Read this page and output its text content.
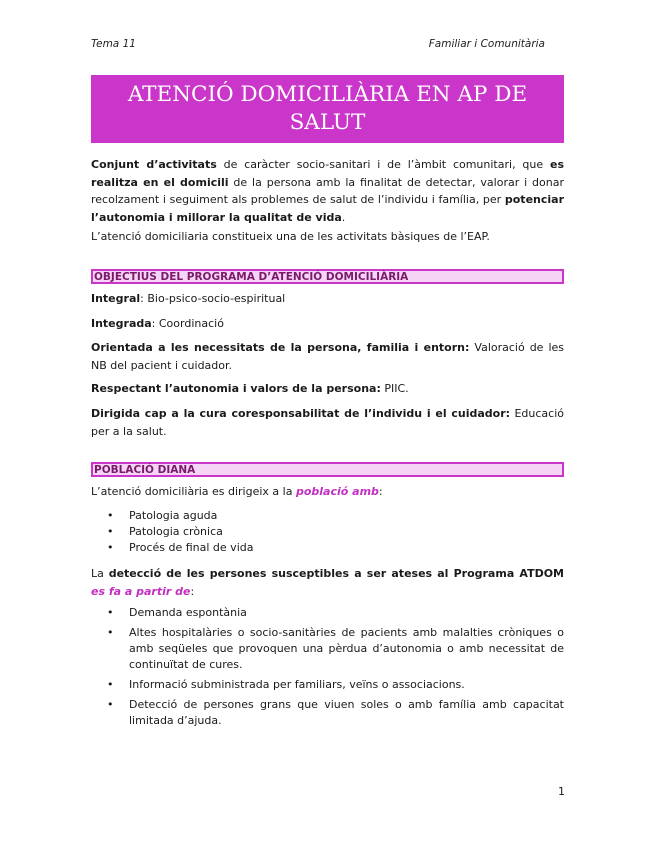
Tema 11	Familiar i Comunitària
ATENCIÓ DOMICILIÀRIA EN AP DE
SALUT
Conjunt d’activitats de caràcter socio-sanitari i de l’àmbit comunitari, que es realitza en el domicili de la persona amb la finalitat de detectar, valorar i donar recolzament i seguiment als problemes de salut de l’individu i família, per potenciar l’autonomia i millorar la qualitat de vida.
L’atenció domiciliaria constitueix una de les activitats bàsiques de l’EAP.
OBJECTIUS DEL PROGRAMA D’ATENCIÓ DOMICILIÀRIA
Integral: Bio-psico-socio-espiritual
Integrada: Coordinació
Orientada a les necessitats de la persona, familia i entorn: Valoració de les NB del pacient i cuidador.
Respectant l’autonomia i valors de la persona: PIIC.
Dirigida cap a la cura coresponsabilitat de l’individu i el cuidador: Educació per a la salut.
POBLACIÓ DIANA
L’atenció domiciliària es dirigeix a la població amb:
• Patologia aguda
• Patologia crònica
• Procés de final de vida
La detecció de les persones susceptibles a ser ateses al Programa ATDOM es fa a partir de:
• Demanda espontània
• Altes hospitalàries o socio-sanitàries de pacients amb malalties cròniques o amb seqüeles que provoquen una pèrdua d’autonomia o amb necessitat de continuïtat de cures.
• Informació subministrada per familiars, veïns o associacions.
• Detecció de persones grans que viuen soles o amb família amb capacitat limitada d’ajuda.
1
